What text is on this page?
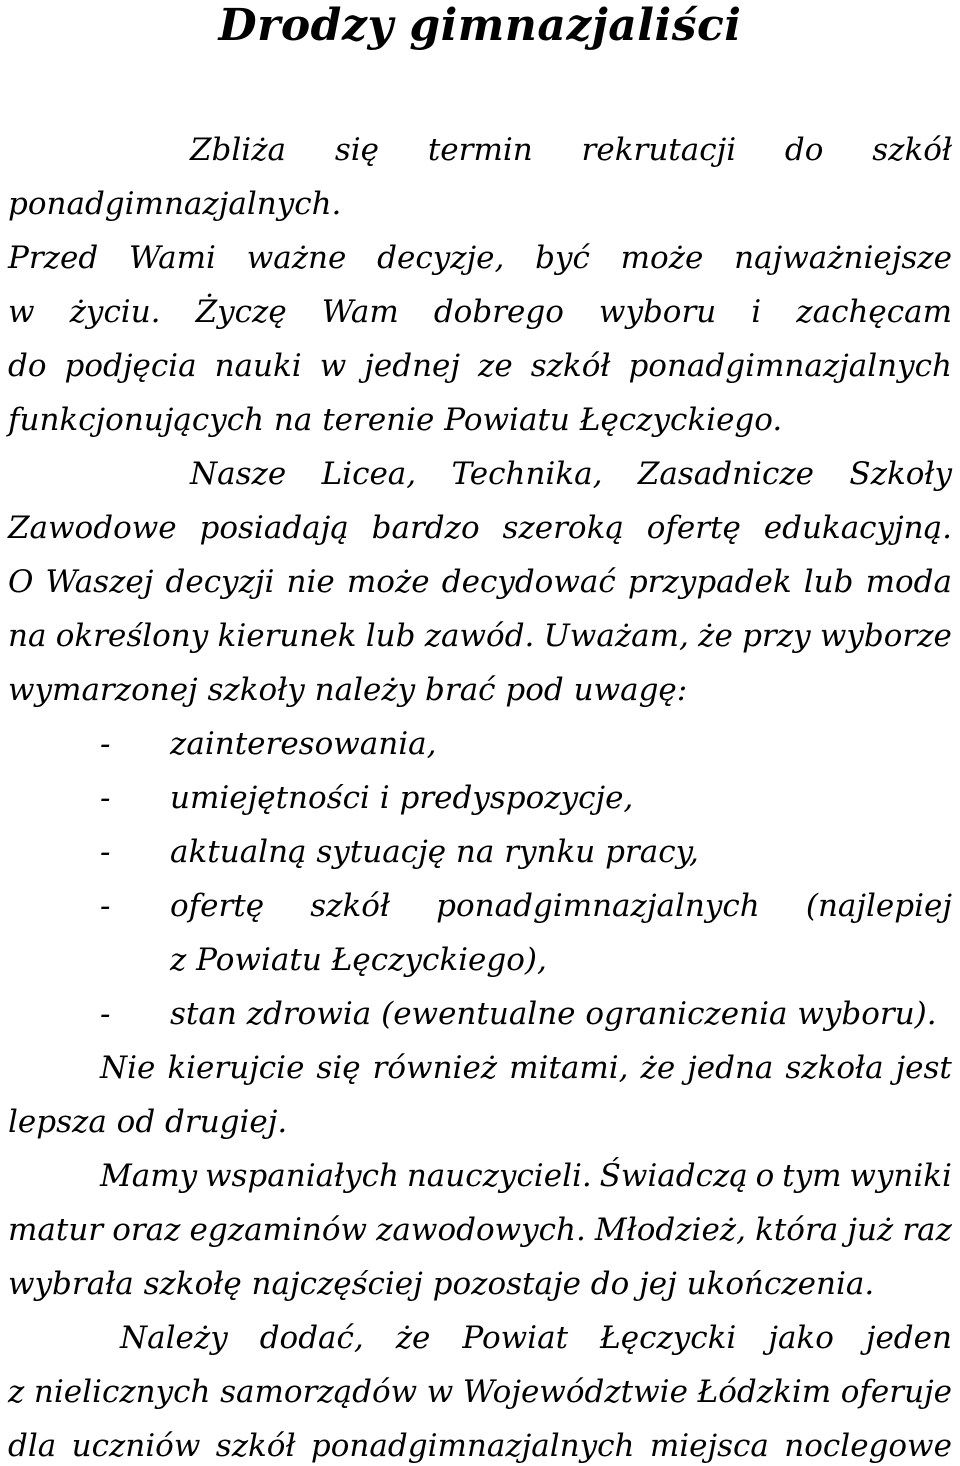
Drodzy gimnazjaliści

Zbliża się termin rekrutacji do szkół

ponadgimnazjalnych.

Przed Wami ważne decyzje, być może najważniejsze

w życiu. Życzę Wam dobrego wyboru i zachęcam

do podjęcia nauki w jednej ze szkół ponadgimnazjalnych

funkcjonujących na terenie Powiatu Łęczyckiego.

Nasze Licea, Technika, Zasadnicze Szkoły

Zawodowe posiadają bardzo szeroką ofertę edukacyjną.

O Waszej decyzji nie może decydować przypadek lub moda

na określony kierunek lub zawód. Uważam, że przy wyborze

wymarzonej szkoły należy brać pod uwagę:

- zainteresowania,
- umiejętności i predyspozycje,
- aktualną sytuację na rynku pracy,
- ofertę szkół ponadgimnazjalnych (najlepiej
z Powiatu Łęczyckiego),
- stan zdrowia (ewentualne ograniczenia wyboru).

Nie kierujcie się również mitami, że jedna szkoła jest

lepsza od drugiej.

Mamy wspaniałych nauczycieli. Świadczą o tym wyniki

matur oraz egzaminów zawodowych. Młodzież, która już raz

wybrała szkołę najczęściej pozostaje do jej ukończenia.

Należy dodać, że Powiat Łęczycki jako jeden

z nielicznych samorządów w Województwie Łódzkim oferuje

dla uczniów szkół ponadgimnazjalnych miejsca noclegowe
